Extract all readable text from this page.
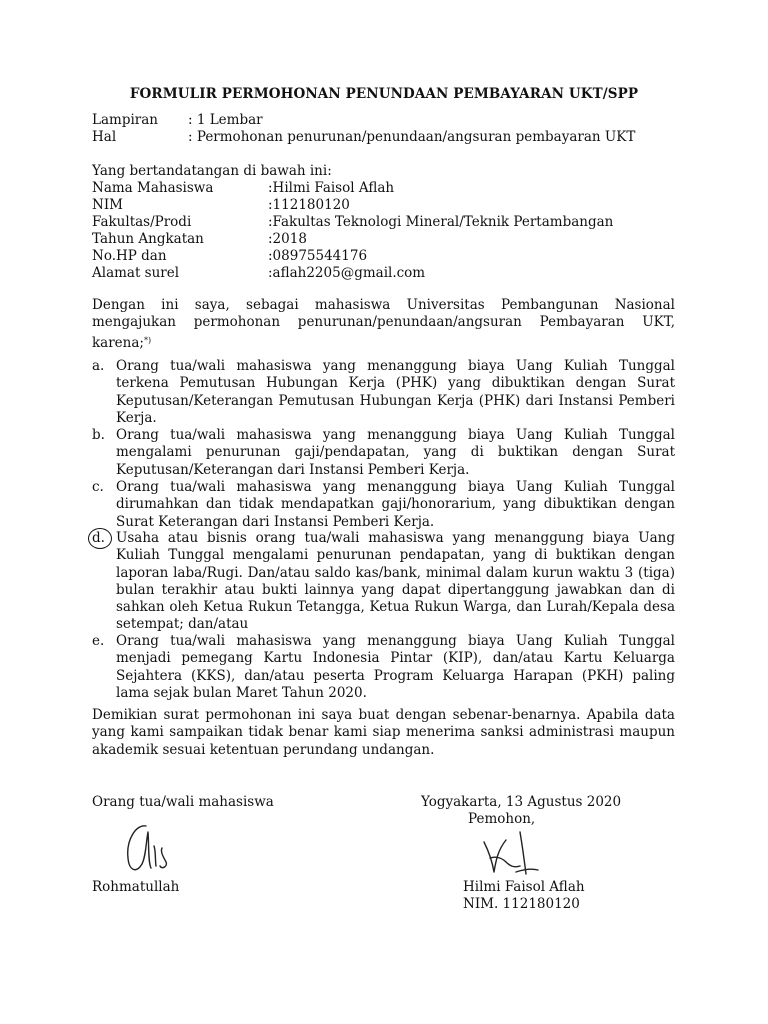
FORMULIR PERMOHONAN PENUNDAAN PEMBAYARAN UKT/SPP
Lampiran : 1 Lembar
Hal	: Permohonan penurunan/penundaan/angsuran pembayaran UKT
Yang bertandatangan di bawah ini:
Nama Mahasiswa	:Hilmi Faisol Aflah
NIM	:112180120
Fakultas/Prodi	:Fakultas Teknologi Mineral/Teknik Pertambangan
Tahun Angkatan	:2018
No.HP dan	:08975544176
Alamat surel	:aflah2205@gmail.com
Dengan ini saya, sebagai mahasiswa Universitas Pembangunan Nasional mengajukan permohonan penurunan/penundaan/angsuran Pembayaran UKT, karena;*)
a. Orang tua/wali mahasiswa yang menanggung biaya Uang Kuliah Tunggal terkena Pemutusan Hubungan Kerja (PHK) yang dibuktikan dengan Surat Keputusan/Keterangan Pemutusan Hubungan Kerja (PHK) dari Instansi Pemberi Kerja.
b. Orang tua/wali mahasiswa yang menanggung biaya Uang Kuliah Tunggal mengalami penurunan gaji/pendapatan, yang di buktikan dengan Surat Keputusan/Keterangan dari Instansi Pemberi Kerja.
c. Orang tua/wali mahasiswa yang menanggung biaya Uang Kuliah Tunggal dirumahkan dan tidak mendapatkan gaji/honorarium, yang dibuktikan dengan Surat Keterangan dari Instansi Pemberi Kerja.
d. Usaha atau bisnis orang tua/wali mahasiswa yang menanggung biaya Uang Kuliah Tunggal mengalami penurunan pendapatan, yang di buktikan dengan laporan laba/Rugi. Dan/atau saldo kas/bank, minimal dalam kurun waktu 3 (tiga) bulan terakhir atau bukti lainnya yang dapat dipertanggung jawabkan dan di sahkan oleh Ketua Rukun Tetangga, Ketua Rukun Warga, dan Lurah/Kepala desa setempat; dan/atau
e. Orang tua/wali mahasiswa yang menanggung biaya Uang Kuliah Tunggal menjadi pemegang Kartu Indonesia Pintar (KIP), dan/atau Kartu Keluarga Sejahtera (KKS), dan/atau peserta Program Keluarga Harapan (PKH) paling lama sejak bulan Maret Tahun 2020.
Demikian surat permohonan ini saya buat dengan sebenar-benarnya. Apabila data yang kami sampaikan tidak benar kami siap menerima sanksi administrasi maupun akademik sesuai ketentuan perundang undangan.
Orang tua/wali mahasiswa	Yogyakarta, 13 Agustus 2020
Pemohon,
Rohmatullah	Hilmi Faisol Aflah
NIM. 112180120
